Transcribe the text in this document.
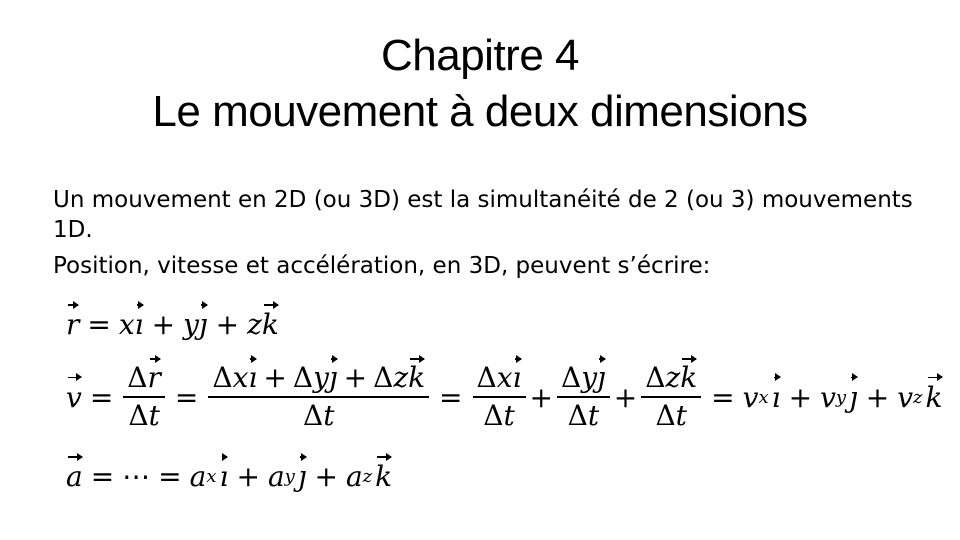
Chapitre 4
Le mouvement à deux dimensions

Un mouvement en 2D (ou 3D) est la simultanéité de 2 (ou 3) mouvements 1D.

Position, vitesse et accélération, en 3D, peuvent s’écrire:

r = x ı + y ȷ + z k
$v = \frac{\Delta r}{\Delta t} = \frac{\text{Δxı + Δyȷ + Δzk}}{\Delta t} = \frac{\text{Δxı}}{\Delta t} + \frac{\text{Δyȷ}}{\Delta t} + \frac{\text{Δzk}}{\Delta t} = v$ x ı + v y ȷ + v z k
a = ⋯ = a x ı + a y ȷ + a z k
